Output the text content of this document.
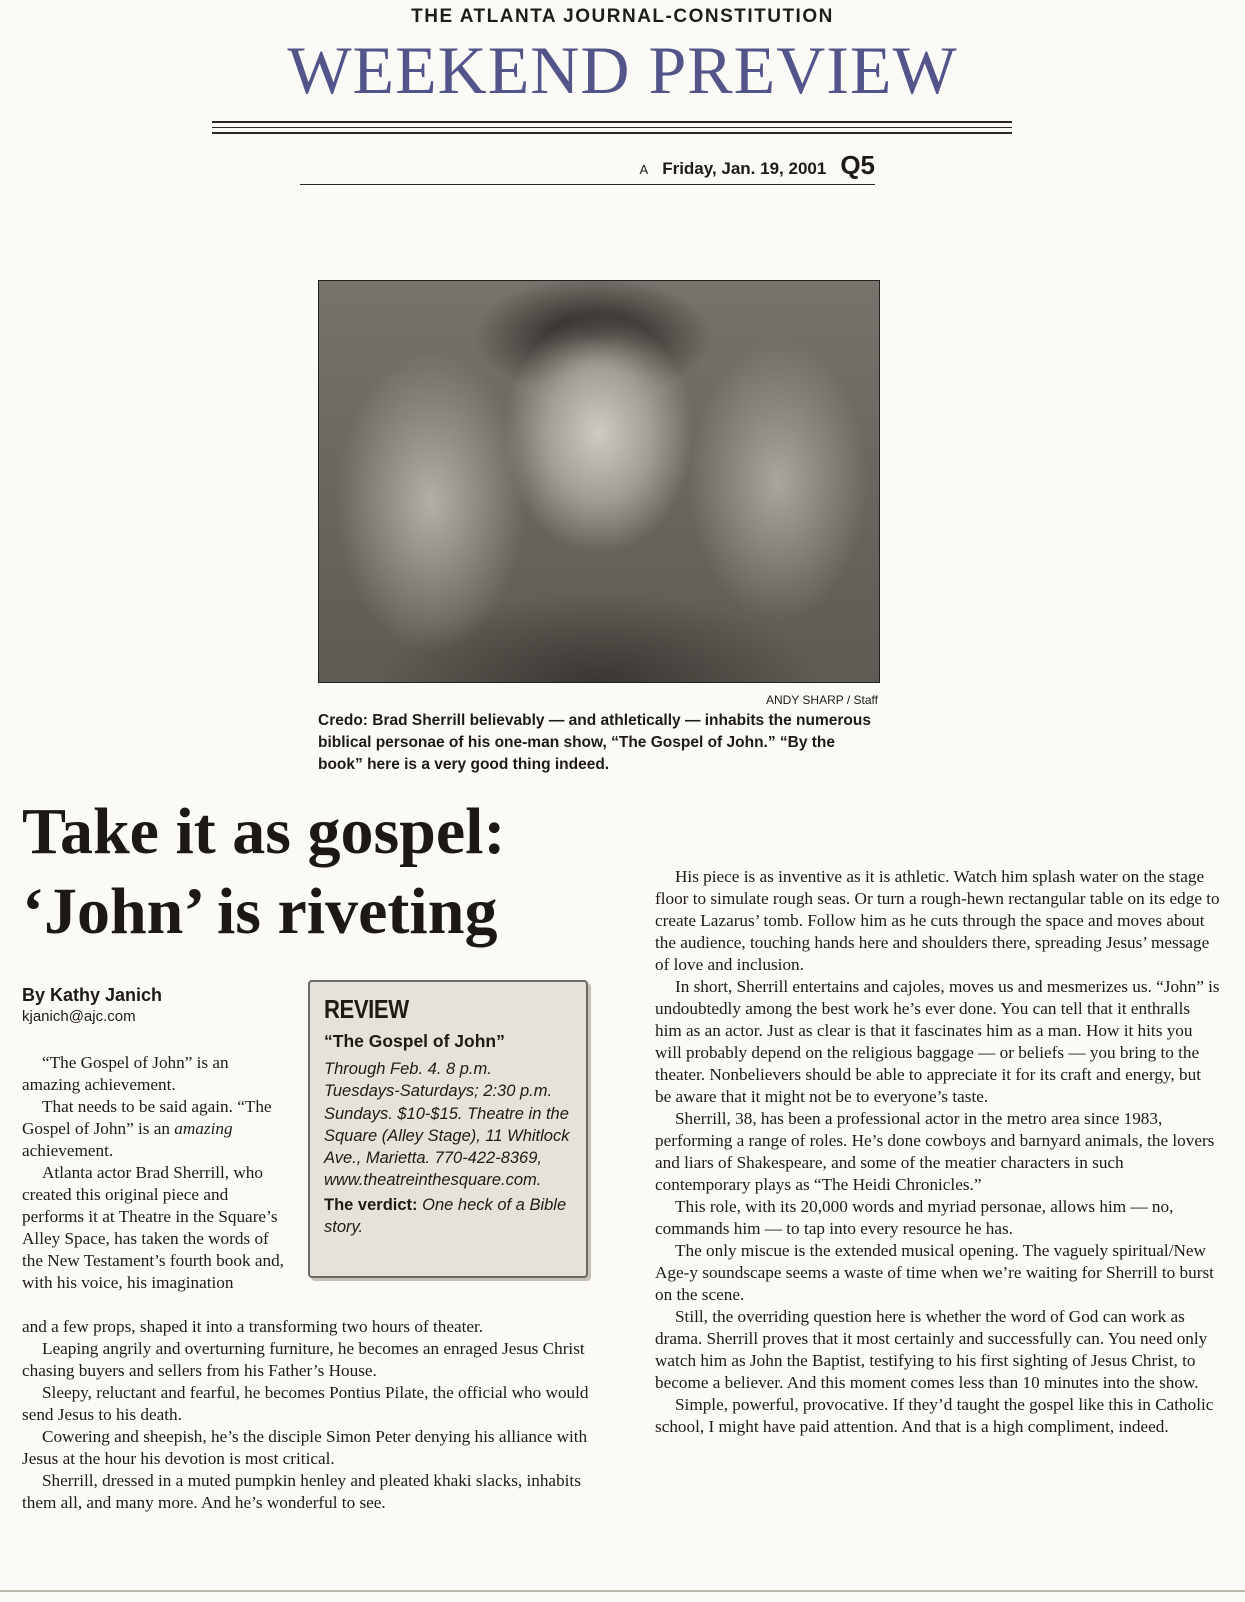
THE ATLANTA JOURNAL-CONSTITUTION
WEEKEND PREVIEW
A Friday, Jan. 19, 2001 Q5
ANDY SHARP / Staff
Credo: Brad Sherrill believably — and athletically — inhabits the numerous biblical personae of his one-man show, “The Gospel of John.” “By the book” here is a very good thing indeed.
Take it as gospel:
‘John’ is riveting
By Kathy Janich
kjanich@ajc.com

“The Gospel of John” is an amazing achievement.

That needs to be said again. “The Gospel of John” is an amazing achievement.

Atlanta actor Brad Sherrill, who created this original piece and performs it at Theatre in the Square’s Alley Space, has taken the words of the New Testament’s fourth book and, with his voice, his imagination

REVIEW
“The Gospel of John”
Through Feb. 4. 8 p.m. Tuesdays-Saturdays; 2:30 p.m. Sundays. $10-$15. Theatre in the Square (Alley Stage), 11 Whitlock Ave., Marietta. 770-422-8369, www.theatreinthesquare.com.
The verdict: One heck of a Bible story.

and a few props, shaped it into a transforming two hours of theater.

Leaping angrily and overturning furniture, he becomes an enraged Jesus Christ chasing buyers and sellers from his Father’s House.

Sleepy, reluctant and fearful, he becomes Pontius Pilate, the official who would send Jesus to his death.

Cowering and sheepish, he’s the disciple Simon Peter denying his alliance with Jesus at the hour his devotion is most critical.

Sherrill, dressed in a muted pumpkin henley and pleated khaki slacks, inhabits them all, and many more. And he’s wonderful to see.

His piece is as inventive as it is athletic. Watch him splash water on the stage floor to simulate rough seas. Or turn a rough-hewn rectangular table on its edge to create Lazarus’ tomb. Follow him as he cuts through the space and moves about the audience, touching hands here and shoulders there, spreading Jesus’ message of love and inclusion.

In short, Sherrill entertains and cajoles, moves us and mesmerizes us. “John” is undoubtedly among the best work he’s ever done. You can tell that it enthralls him as an actor. Just as clear is that it fascinates him as a man. How it hits you will probably depend on the religious baggage — or beliefs — you bring to the theater. Nonbelievers should be able to appreciate it for its craft and energy, but be aware that it might not be to everyone’s taste.

Sherrill, 38, has been a professional actor in the metro area since 1983, performing a range of roles. He’s done cowboys and barnyard animals, the lovers and liars of Shakespeare, and some of the meatier characters in such contemporary plays as “The Heidi Chronicles.”

This role, with its 20,000 words and myriad personae, allows him — no, commands him — to tap into every resource he has.

The only miscue is the extended musical opening. The vaguely spiritual/New Age-y soundscape seems a waste of time when we’re waiting for Sherrill to burst on the scene.

Still, the overriding question here is whether the word of God can work as drama. Sherrill proves that it most certainly and successfully can. You need only watch him as John the Baptist, testifying to his first sighting of Jesus Christ, to become a believer. And this moment comes less than 10 minutes into the show.

Simple, powerful, provocative. If they’d taught the gospel like this in Catholic school, I might have paid attention. And that is a high compliment, indeed.
